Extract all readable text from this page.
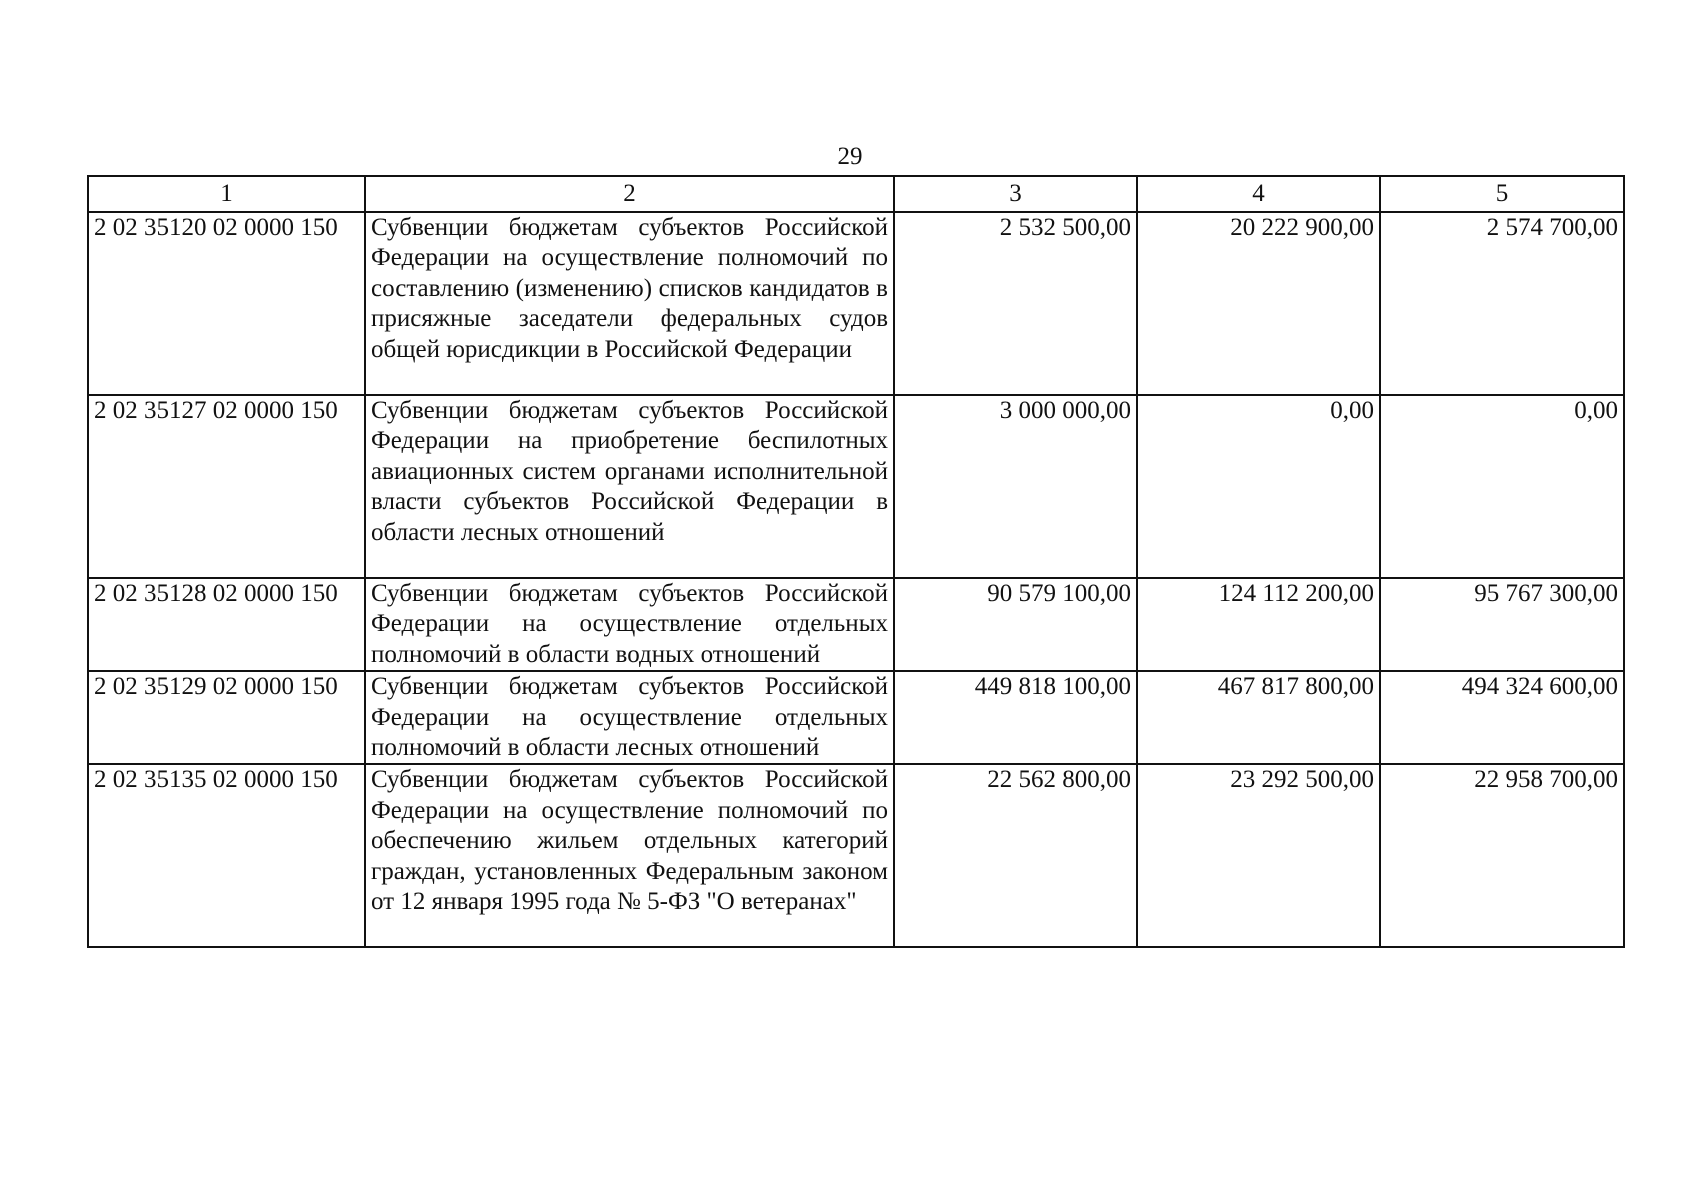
29
1	2	3	4	5
2 02 35120 02 0000 150	Субвенции бюджетам субъектов Российской Федерации на осуществление полномочий по составлению (изменению) списков кандидатов в присяжные заседатели федеральных судов общей юрисдикции в Российской Федерации	2 532 500,00	20 222 900,00	2 574 700,00
2 02 35127 02 0000 150	Субвенции бюджетам субъектов Российской Федерации на приобретение беспилотных авиационных систем органами исполнительной власти субъектов Российской Федерации в области лесных отношений	3 000 000,00	0,00	0,00
2 02 35128 02 0000 150	Субвенции бюджетам субъектов Российской Федерации на осуществление отдельных полномочий в области водных отношений	90 579 100,00	124 112 200,00	95 767 300,00
2 02 35129 02 0000 150	Субвенции бюджетам субъектов Российской Федерации на осуществление отдельных полномочий в области лесных отношений	449 818 100,00	467 817 800,00	494 324 600,00
2 02 35135 02 0000 150	Субвенции бюджетам субъектов Российской Федерации на осуществление полномочий по обеспечению жильем отдельных категорий граждан, установленных Федеральным законом от 12 января 1995 года № 5-ФЗ "О ветеранах"	22 562 800,00	23 292 500,00	22 958 700,00
